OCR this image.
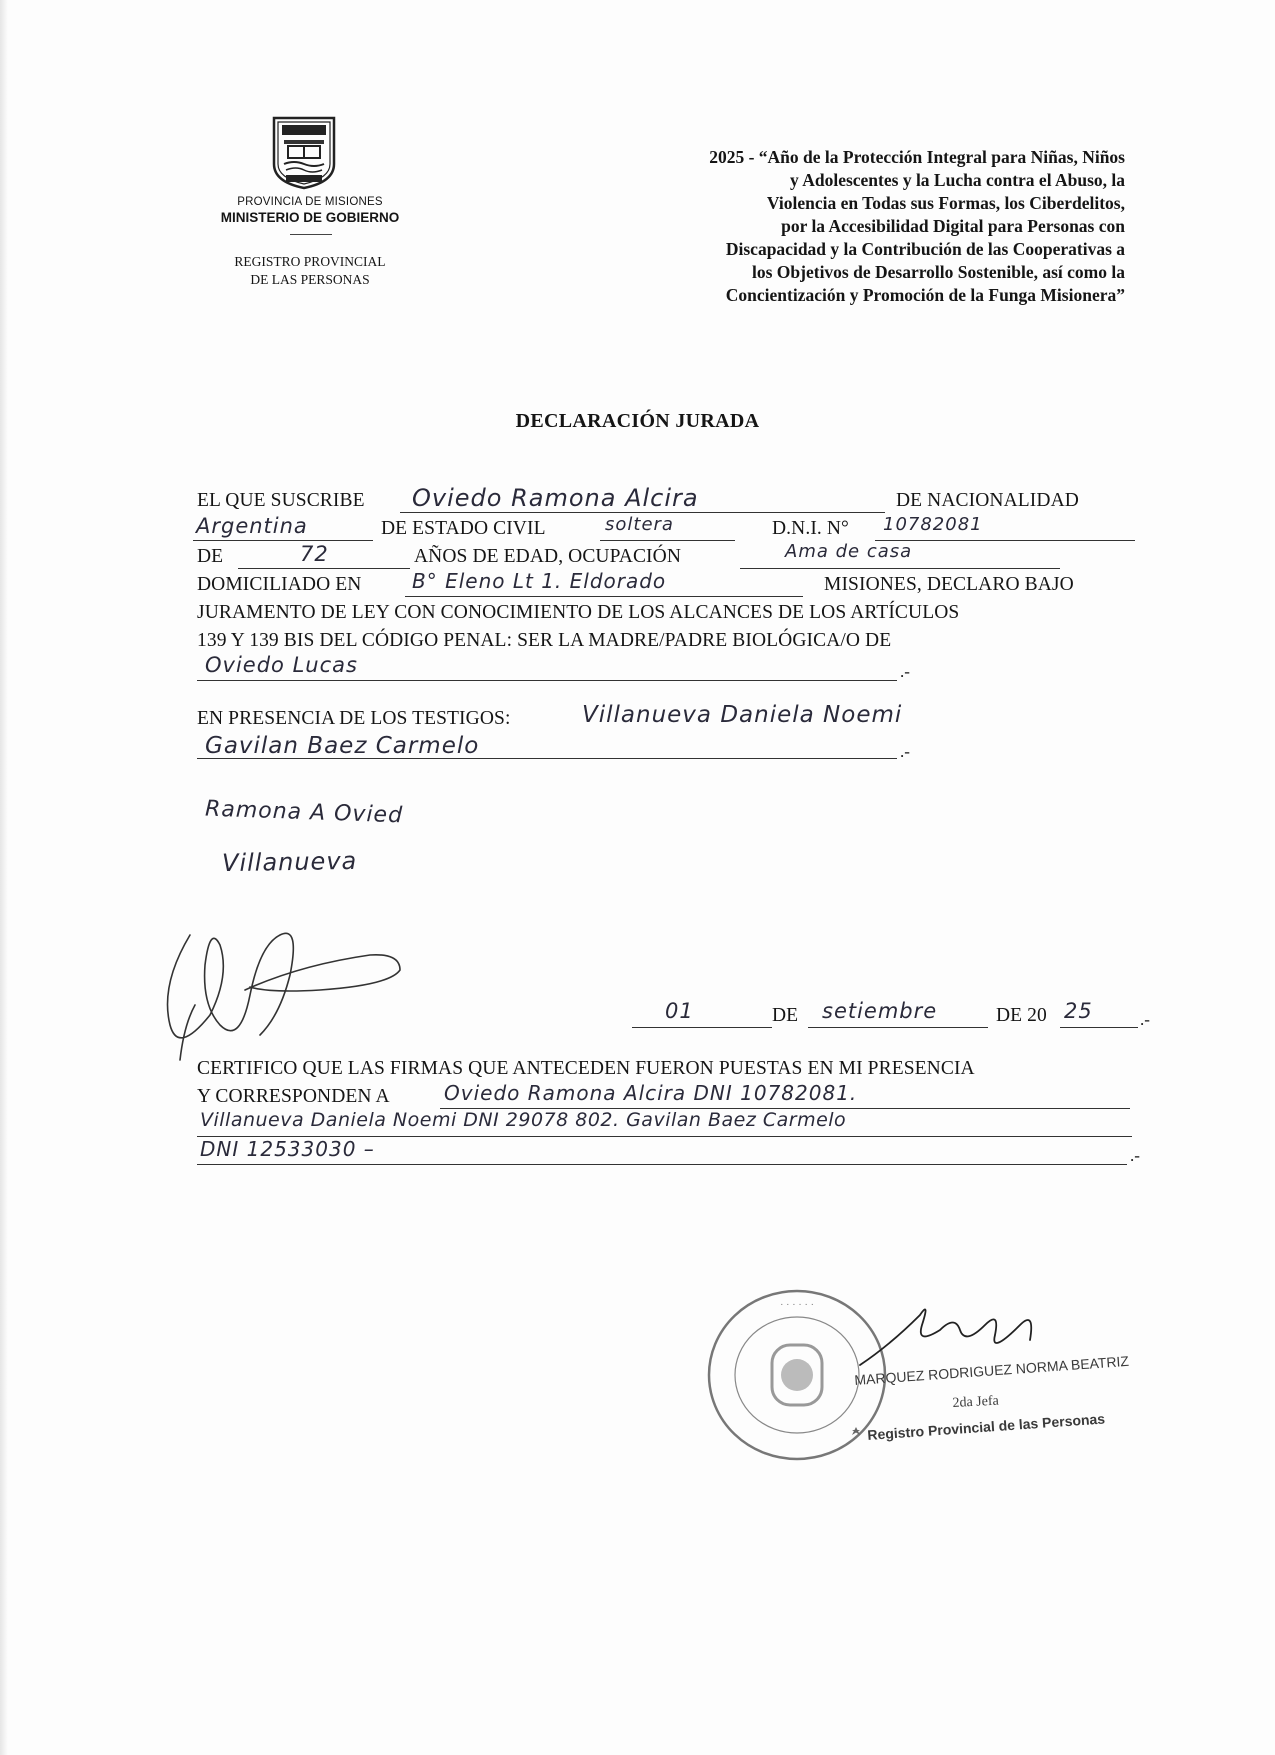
PROVINCIA DE MISIONES
MINISTERIO DE GOBIERNO
REGISTRO PROVINCIAL
DE LAS PERSONAS
2025 - “Año de la Protección Integral para Niñas, Niños
y Adolescentes y la Lucha contra el Abuso, la
Violencia en Todas sus Formas, los Ciberdelitos,
por la Accesibilidad Digital para Personas con
Discapacidad y la Contribución de las Cooperativas a
los Objetivos de Desarrollo Sostenible, así como la
Concientización y Promoción de la Funga Misionera”
DECLARACIÓN JURADA
EL QUE SUSCRIBE Oviedo Ramona Alcira	DE NACIONALIDAD
Argentina	DE ESTADO CIVIL	soltera	D.N.I. N° 10782081
DE	72	AÑOS DE EDAD, OCUPACIÓN	Ama de casa
DOMICILIADO EN	B° Eleno Lt 1. Eldorado	MISIONES, DECLARO BAJO
JURAMENTO DE LEY CON CONOCIMIENTO DE LOS ALCANCES DE LOS ARTÍCULOS
139 Y 139 BIS DEL CÓDIGO PENAL: SER LA MADRE/PADRE BIOLÓGICA/O DE
Oviedo Lucas	.-
EN PRESENCIA DE LOS TESTIGOS:	Villanueva Daniela Noemi
Gavilan Baez Carmelo	.-
Ramona A Ovied
Villanueva
01	DE setiembre	DE 20 25	.-
CERTIFICO QUE LAS FIRMAS QUE ANTECEDEN FUERON PUESTAS EN MI PRESENCIA
Y CORRESPONDEN A	Oviedo Ramona Alcira DNI 10782081.
Villanueva Daniela Noemi DNI 29078 802. Gavilan Baez Carmelo
DNI 12533030 –	.-
· · · · · ·
MARQUEZ RODRIGUEZ NORMA BEATRIZ
2da Jefa
Registro Provincial de las Personas
